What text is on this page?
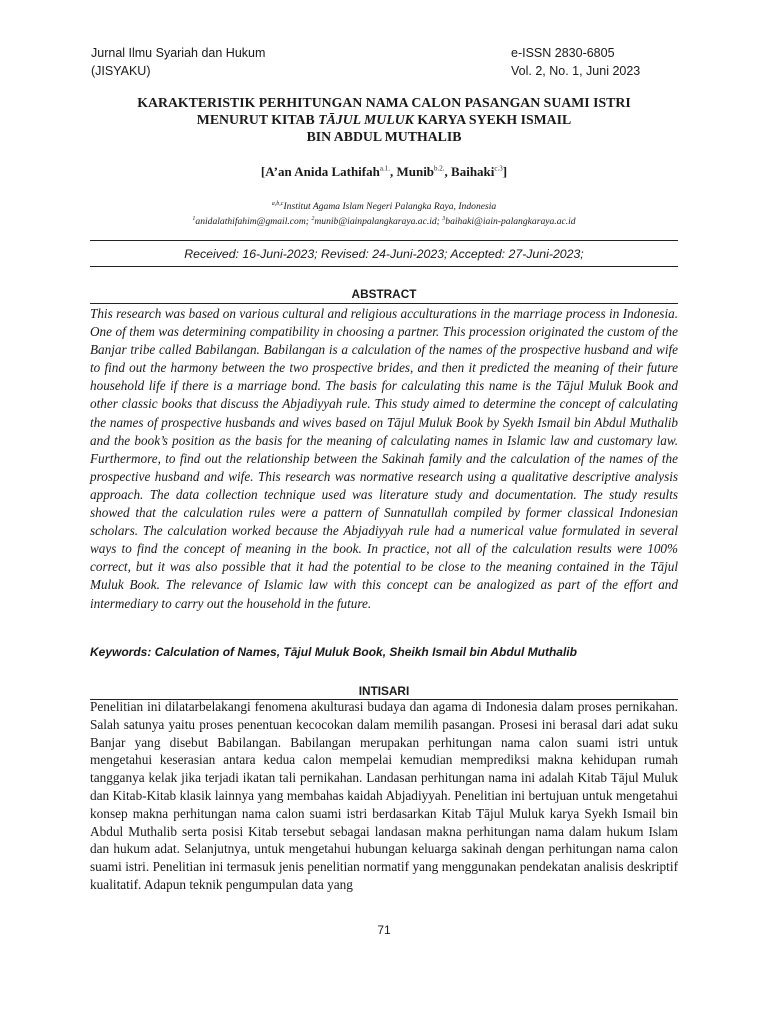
Jurnal Ilmu Syariah dan Hukum	e-ISSN 2830-6805
(JISYAKU)	Vol. 2, No. 1, Juni 2023
KARAKTERISTIK PERHITUNGAN NAMA CALON PASANGAN SUAMI ISTRI
MENURUT KITAB TĀJUL MULUK KARYA SYEKH ISMAIL
BIN ABDUL MUTHALIB
[A’an Anida Lathifah$^{a.1.}$, Munib$^{b.2.}$, Baihaki$^{c.3}$]
$^{a,b,c}$Institut Agama Islam Negeri Palangka Raya, Indonesia
$^1$anidalathifahim@gmail.com; $^2$munib@iainpalangkaraya.ac.id; $^3$baihaki@iain-palangkaraya.ac.id
Received: 16-Juni-2023; Revised: 24-Juni-2023; Accepted: 27-Juni-2023;
ABSTRACT
This research was based on various cultural and religious acculturations in the marriage process in Indonesia. One of them was determining compatibility in choosing a partner. This procession originated the custom of the Banjar tribe called Babilangan. Babilangan is a calculation of the names of the prospective husband and wife to find out the harmony between the two prospective brides, and then it predicted the meaning of their future household life if there is a marriage bond. The basis for calculating this name is the Tājul Muluk Book and other classic books that discuss the Abjadiyyah rule. This study aimed to determine the concept of calculating the names of prospective husbands and wives based on Tājul Muluk Book by Syekh Ismail bin Abdul Muthalib and the book’s position as the basis for the meaning of calculating names in Islamic law and customary law. Furthermore, to find out the relationship between the Sakinah family and the calculation of the names of the prospective husband and wife. This research was normative research using a qualitative descriptive analysis approach. The data collection technique used was literature study and documentation. The study results showed that the calculation rules were a pattern of Sunnatullah compiled by former classical Indonesian scholars. The calculation worked because the Abjadiyyah rule had a numerical value formulated in several ways to find the concept of meaning in the book. In practice, not all of the calculation results were 100% correct, but it was also possible that it had the potential to be close to the meaning contained in the Tājul Muluk Book. The relevance of Islamic law with this concept can be analogized as part of the effort and intermediary to carry out the household in the future.
Keywords: Calculation of Names, Tājul Muluk Book, Sheikh Ismail bin Abdul Muthalib
INTISARI
Penelitian ini dilatarbelakangi fenomena akulturasi budaya dan agama di Indonesia dalam proses pernikahan. Salah satunya yaitu proses penentuan kecocokan dalam memilih pasangan. Prosesi ini berasal dari adat suku Banjar yang disebut Babilangan. Babilangan merupakan perhitungan nama calon suami istri untuk mengetahui keserasian antara kedua calon mempelai kemudian memprediksi makna kehidupan rumah tangganya kelak jika terjadi ikatan tali pernikahan. Landasan perhitungan nama ini adalah Kitab Tājul Muluk dan Kitab-Kitab klasik lainnya yang membahas kaidah Abjadiyyah. Penelitian ini bertujuan untuk mengetahui konsep makna perhitungan nama calon suami istri berdasarkan Kitab Tājul Muluk karya Syekh Ismail bin Abdul Muthalib serta posisi Kitab tersebut sebagai landasan makna perhitungan nama dalam hukum Islam dan hukum adat. Selanjutnya, untuk mengetahui hubungan keluarga sakinah dengan perhitungan nama calon suami istri. Penelitian ini termasuk jenis penelitian normatif yang menggunakan pendekatan analisis deskriptif kualitatif. Adapun teknik pengumpulan data yang
71
